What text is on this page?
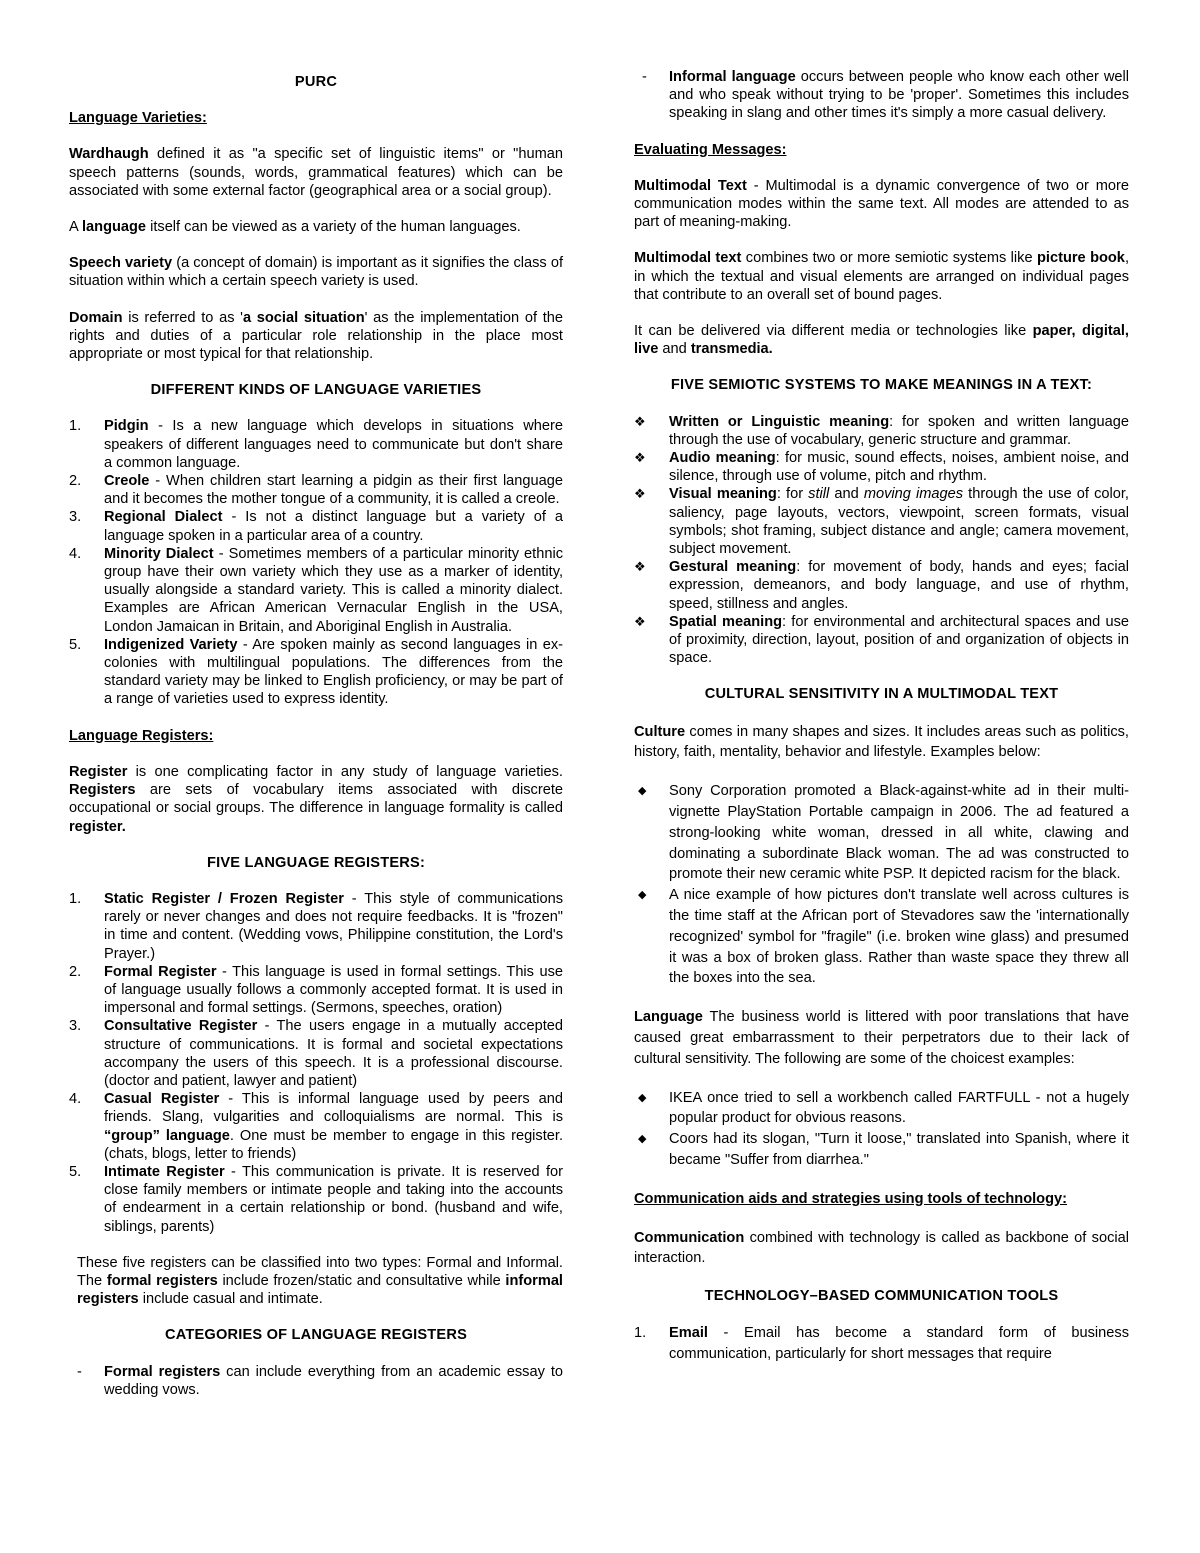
PURC

Language Varieties:

Wardhaugh defined it as "a specific set of linguistic items" or "human speech patterns (sounds, words, grammatical features) which can be associated with some external factor (geographical area or a social group).

A language itself can be viewed as a variety of the human languages.

Speech variety (a concept of domain) is important as it signifies the class of situation within which a certain speech variety is used.

Domain is referred to as 'a social situation' as the implementation of the rights and duties of a particular role relationship in the place most appropriate or most typical for that relationship.

DIFFERENT KINDS OF LANGUAGE VARIETIES

1. Pidgin - Is a new language which develops in situations where speakers of different languages need to communicate but don't share a common language.
2. Creole - When children start learning a pidgin as their first language and it becomes the mother tongue of a community, it is called a creole.
3. Regional Dialect - Is not a distinct language but a variety of a language spoken in a particular area of a country.
4. Minority Dialect - Sometimes members of a particular minority ethnic group have their own variety which they use as a marker of identity, usually alongside a standard variety. This is called a minority dialect. Examples are African American Vernacular English in the USA, London Jamaican in Britain, and Aboriginal English in Australia.
5. Indigenized Variety - Are spoken mainly as second languages in ex-colonies with multilingual populations. The differences from the standard variety may be linked to English proficiency, or may be part of a range of varieties used to express identity.

Language Registers:

Register is one complicating factor in any study of language varieties. Registers are sets of vocabulary items associated with discrete occupational or social groups. The difference in language formality is called register.

FIVE LANGUAGE REGISTERS:

1. Static Register / Frozen Register - This style of communications rarely or never changes and does not require feedbacks. It is "frozen" in time and content. (Wedding vows, Philippine constitution, the Lord's Prayer.)
2. Formal Register - This language is used in formal settings. This use of language usually follows a commonly accepted format. It is used in impersonal and formal settings. (Sermons, speeches, oration)
3. Consultative Register - The users engage in a mutually accepted structure of communications. It is formal and societal expectations accompany the users of this speech. It is a professional discourse. (doctor and patient, lawyer and patient)
4. Casual Register - This is informal language used by peers and friends. Slang, vulgarities and colloquialisms are normal. This is “group” language. One must be member to engage in this register. (chats, blogs, letter to friends)
5. Intimate Register - This communication is private. It is reserved for close family members or intimate people and taking into the accounts of endearment in a certain relationship or bond. (husband and wife, siblings, parents)

These five registers can be classified into two types: Formal and Informal. The formal registers include frozen/static and consultative while informal registers include casual and intimate.

CATEGORIES OF LANGUAGE REGISTERS

- Formal registers can include everything from an academic essay to wedding vows.
- Informal language occurs between people who know each other well and who speak without trying to be 'proper'. Sometimes this includes speaking in slang and other times it's simply a more casual delivery.

Evaluating Messages:

Multimodal Text - Multimodal is a dynamic convergence of two or more communication modes within the same text. All modes are attended to as part of meaning-making.

Multimodal text combines two or more semiotic systems like picture book, in which the textual and visual elements are arranged on individual pages that contribute to an overall set of bound pages.

It can be delivered via different media or technologies like paper, digital, live and transmedia.

FIVE SEMIOTIC SYSTEMS TO MAKE MEANINGS IN A TEXT:

❖ Written or Linguistic meaning: for spoken and written language through the use of vocabulary, generic structure and grammar.
❖ Audio meaning: for music, sound effects, noises, ambient noise, and silence, through use of volume, pitch and rhythm.
❖ Visual meaning: for still and moving images through the use of color, saliency, page layouts, vectors, viewpoint, screen formats, visual symbols; shot framing, subject distance and angle; camera movement, subject movement.
❖ Gestural meaning: for movement of body, hands and eyes; facial expression, demeanors, and body language, and use of rhythm, speed, stillness and angles.
❖ Spatial meaning: for environmental and architectural spaces and use of proximity, direction, layout, position of and organization of objects in space.

CULTURAL SENSITIVITY IN A MULTIMODAL TEXT

Culture comes in many shapes and sizes. It includes areas such as politics, history, faith, mentality, behavior and lifestyle. Examples below:

◆ Sony Corporation promoted a Black-against-white ad in their multi-vignette PlayStation Portable campaign in 2006. The ad featured a strong-looking white woman, dressed in all white, clawing and dominating a subordinate Black woman. The ad was constructed to promote their new ceramic white PSP. It depicted racism for the black.
◆ A nice example of how pictures don't translate well across cultures is the time staff at the African port of Stevadores saw the 'internationally recognized' symbol for "fragile" (i.e. broken wine glass) and presumed it was a box of broken glass. Rather than waste space they threw all the boxes into the sea.

Language The business world is littered with poor translations that have caused great embarrassment to their perpetrators due to their lack of cultural sensitivity. The following are some of the choicest examples:

◆ IKEA once tried to sell a workbench called FARTFULL - not a hugely popular product for obvious reasons.
◆ Coors had its slogan, "Turn it loose," translated into Spanish, where it became "Suffer from diarrhea."

Communication aids and strategies using tools of technology:

Communication combined with technology is called as backbone of social interaction.

TECHNOLOGY–BASED COMMUNICATION TOOLS

1. Email - Email has become a standard form of business communication, particularly for short messages that require
